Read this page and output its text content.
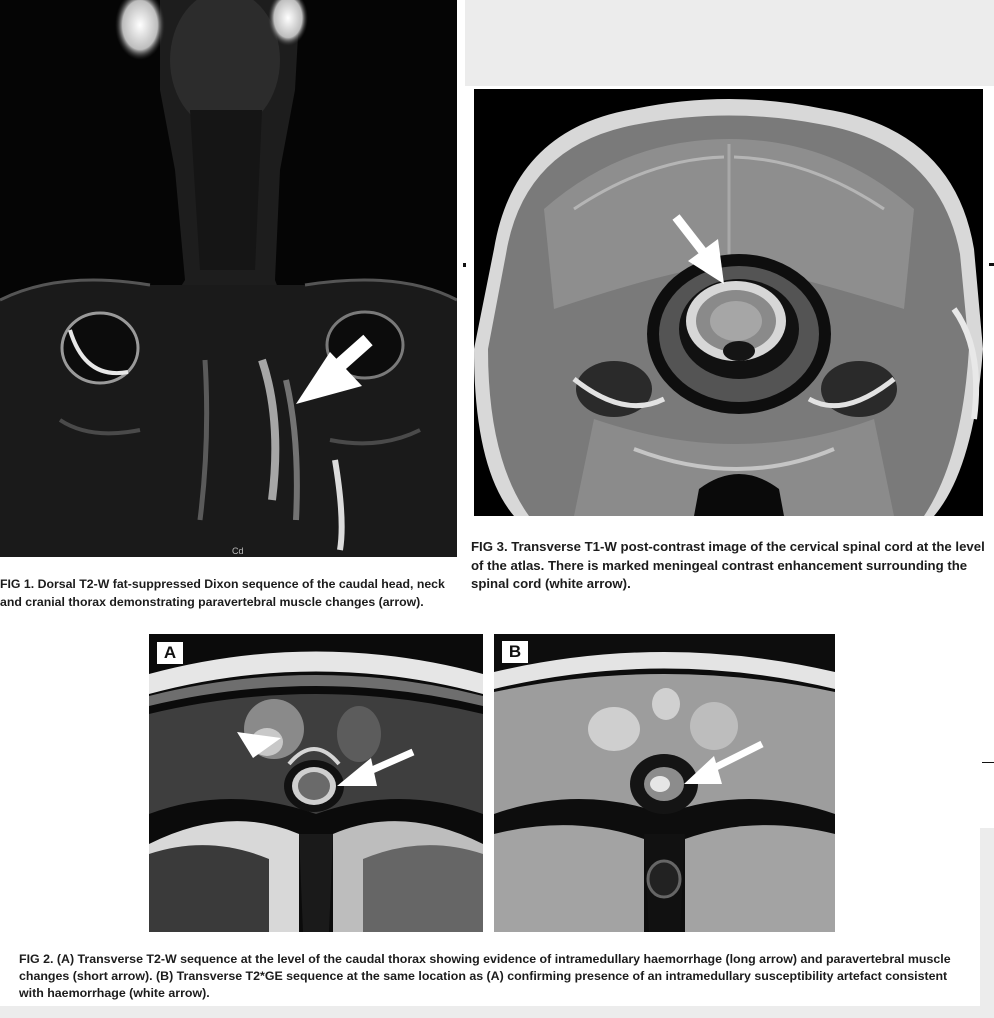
Cd

FIG 1. Dorsal T2-W fat-suppressed Dixon sequence of the caudal head, neck and cranial thorax demonstrating paravertebral muscle changes (arrow).

FIG 3. Transverse T1-W post-contrast image of the cervical spinal cord at the level of the atlas. There is marked meningeal contrast enhancement surrounding the spinal cord (white arrow).

A	B

FIG 2. (A) Transverse T2-W sequence at the level of the caudal thorax showing evidence of intramedullary haemorrhage (long arrow) and paravertebral muscle changes (short arrow). (B) Transverse T2*GE sequence at the same location as (A) confirming presence of an intramedullary susceptibility artefact consistent with haemorrhage (white arrow).
